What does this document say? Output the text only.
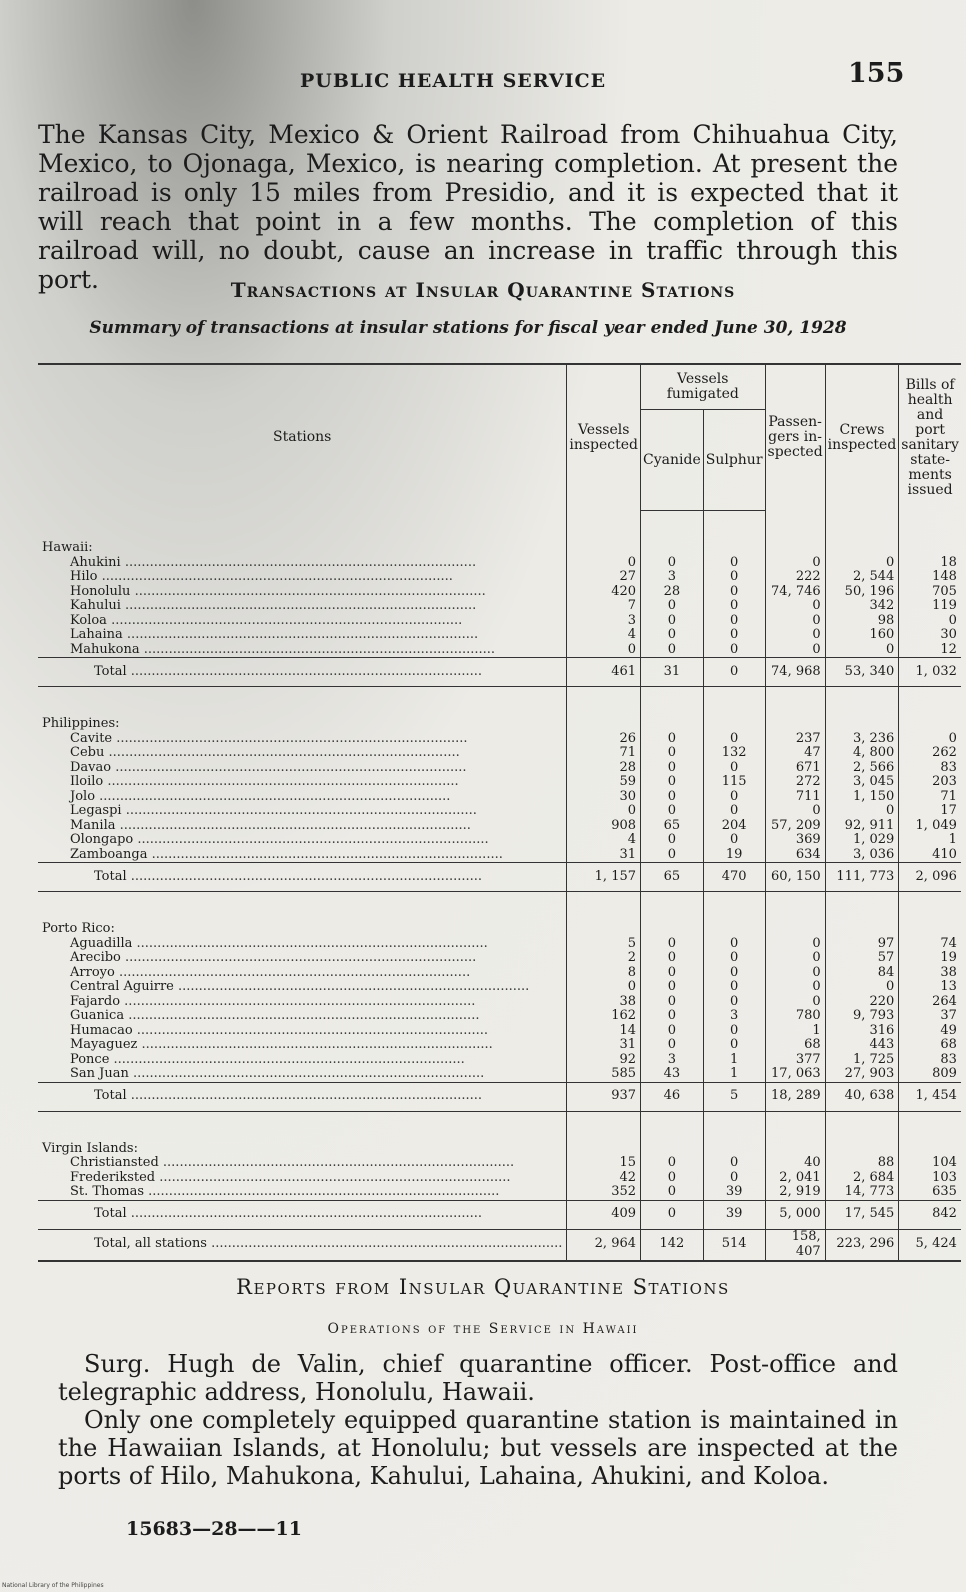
PUBLIC HEALTH SERVICE	155
The Kansas City, Mexico & Orient Railroad from Chihuahua City, Mexico, to Ojonaga, Mexico, is nearing completion. At present the railroad is only 15 miles from Presidio, and it is expected that it will reach that point in a few months. The completion of this railroad will, no doubt, cause an increase in traffic through this port.	Transactions at Insular Quarantine Stations
Summary of transactions at insular stations for fiscal year ended June 30, 1928
Stations	Vessels inspected	Vessels fumigated		Passen-gers in-spected	Crews inspected	Bills of health and port sanitary state-ments issued
		Cyanide	Sulphur			

Hawaii:						
Ahukini .....	0	0	0	0	0	18
Hilo .....	27	3	0	222	2, 544	148
Honolulu .....	420	28	0	74, 746	50, 196	705
Kahului .....	7	0	0	0	342	119
Koloa .....	3	0	0	0	98	0
Lahaina .....	4	0	0	0	160	30
Mahukona .....	0	0	0	0	0	12
Total .....	461	31	0	74, 968	53, 340	1, 032

Philippines:						
Cavite .....	26	0	0	237	3, 236	0
Cebu .....	71	0	132	47	4, 800	262
Davao .....	28	0	0	671	2, 566	83
Iloilo .....	59	0	115	272	3, 045	203
Jolo .....	30	0	0	711	1, 150	71
Legaspi .....	0	0	0	0	0	17
Manila .....	908	65	204	57, 209	92, 911	1, 049
Olongapo .....	4	0	0	369	1, 029	1
Zamboanga .....	31	0	19	634	3, 036	410
Total .....	1, 157	65	470	60, 150	111, 773	2, 096

Porto Rico:						
Aguadilla .....	5	0	0	0	97	74
Arecibo .....	2	0	0	0	57	19
Arroyo .....	8	0	0	0	84	38
Central Aguirre .....	0	0	0	0	0	13
Fajardo .....	38	0	0	0	220	264
Guanica .....	162	0	3	780	9, 793	37
Humacao .....	14	0	0	1	316	49
Mayaguez .....	31	0	0	68	443	68
Ponce .....	92	3	1	377	1, 725	83
San Juan .....	585	43	1	17, 063	27, 903	809
Total .....	937	46	5	18, 289	40, 638	1, 454

Virgin Islands:						
Christiansted .....	15	0	0	40	88	104
Frederiksted .....	42	0	0	2, 041	2, 684	103
St. Thomas .....	352	0	39	2, 919	14, 773	635
Total .....	409	0	39	5, 000	17, 545	842
Total, all stations .....	2, 964	142	514	158, 407	223, 296	5, 424
Reports from Insular Quarantine Stations
Operations of the Service in Hawaii

Surg. Hugh de Valin, chief quarantine officer. Post-office and telegraphic address, Honolulu, Hawaii.

Only one completely equipped quarantine station is maintained in the Hawaiian Islands, at Honolulu; but vessels are inspected at the ports of Hilo, Mahukona, Kahului, Lahaina, Ahukini, and Koloa.

15683—28——11
National Library of the Philippines
